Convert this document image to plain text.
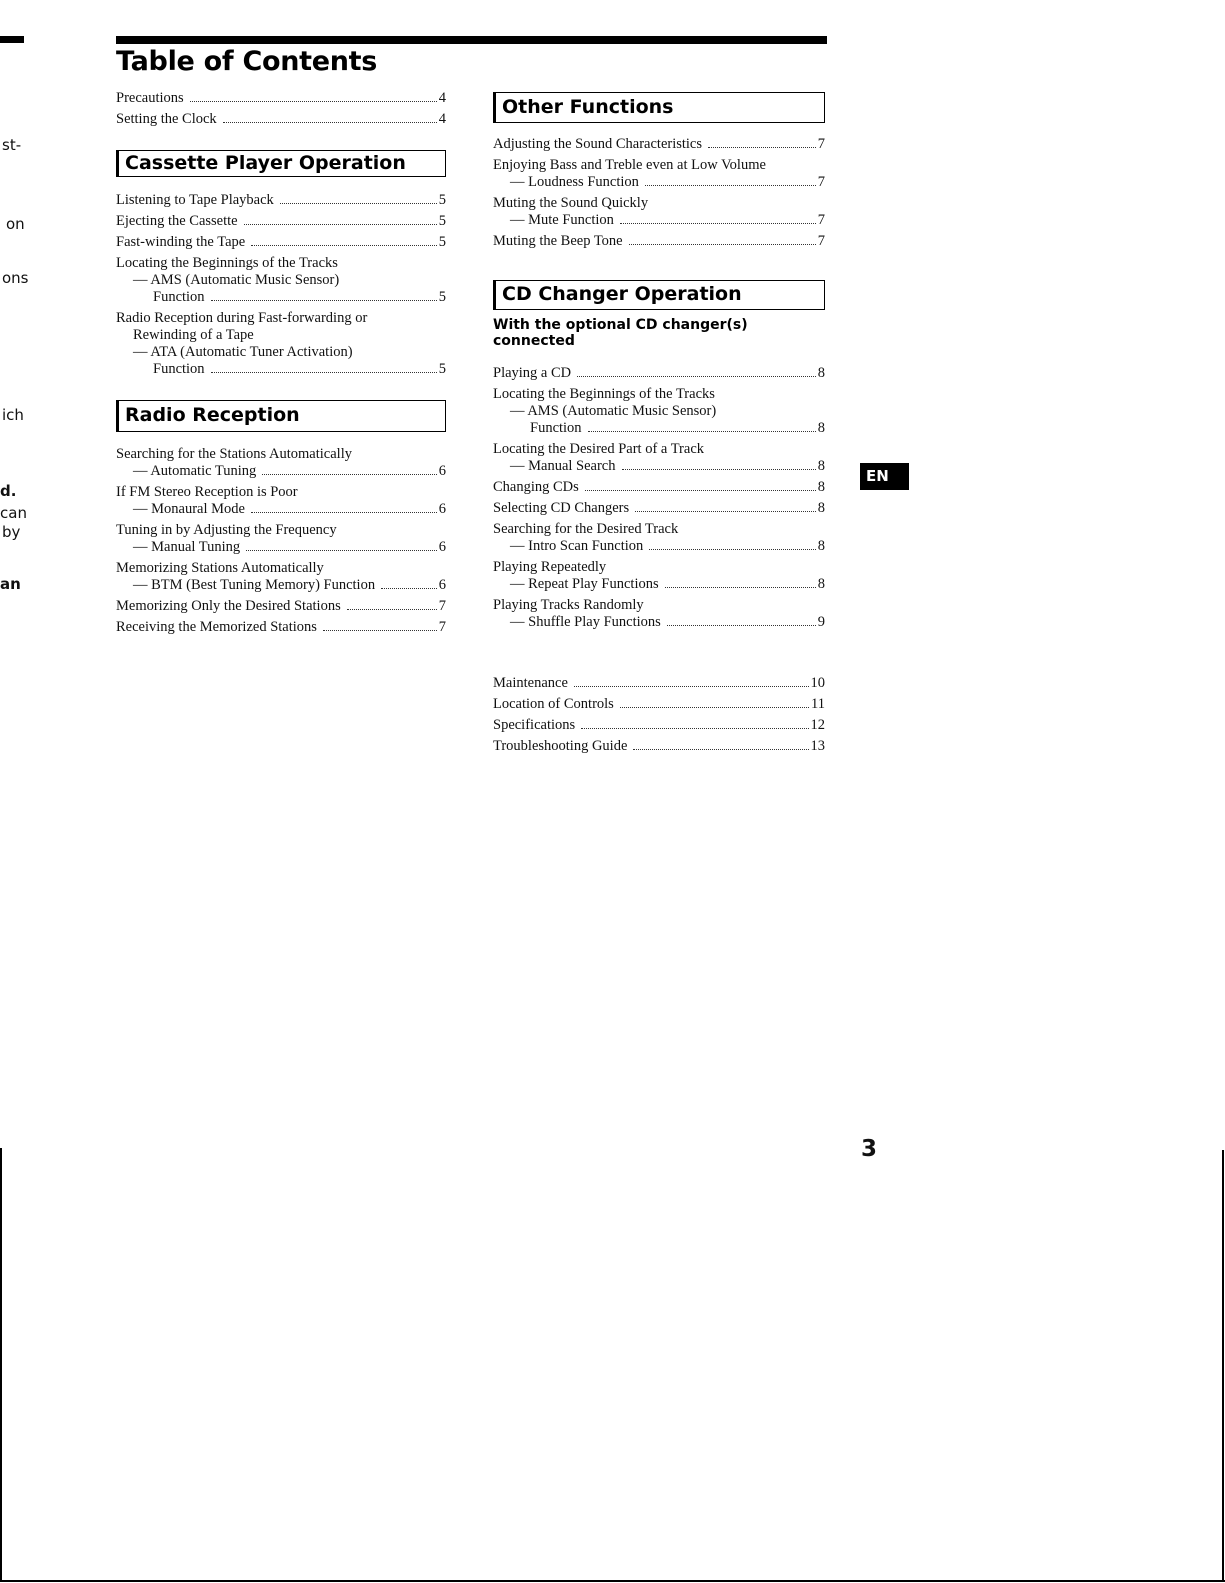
st-
on
ons
ich
d.
can
by
an
Table of Contents
Precautions	4
Setting the Clock	4
Cassette Player Operation
Listening to Tape Playback	5
Ejecting the Cassette	5
Fast-winding the Tape	5
Locating the Beginnings of the Tracks
— AMS (Automatic Music Sensor)
Function	5
Radio Reception during Fast-forwarding or
Rewinding of a Tape
— ATA (Automatic Tuner Activation)
Function	5
Radio Reception
Searching for the Stations Automatically
— Automatic Tuning	6
If FM Stereo Reception is Poor
— Monaural Mode	6
Tuning in by Adjusting the Frequency
— Manual Tuning	6
Memorizing Stations Automatically
— BTM (Best Tuning Memory) Function	6
Memorizing Only the Desired Stations	7
Receiving the Memorized Stations	7
Other Functions
Adjusting the Sound Characteristics	7
Enjoying Bass and Treble even at Low Volume
— Loudness Function	7
Muting the Sound Quickly
— Mute Function	7
Muting the Beep Tone	7
CD Changer Operation
With the optional CD changer(s) connected
Playing a CD	8
Locating the Beginnings of the Tracks
— AMS (Automatic Music Sensor)
Function	8
Locating the Desired Part of a Track
— Manual Search	8
Changing CDs	8
Selecting CD Changers	8
Searching for the Desired Track
— Intro Scan Function	8
Playing Repeatedly
— Repeat Play Functions	8
Playing Tracks Randomly
— Shuffle Play Functions	9
Maintenance	10
Location of Controls	11
Specifications	12
Troubleshooting Guide	13
EN
3
